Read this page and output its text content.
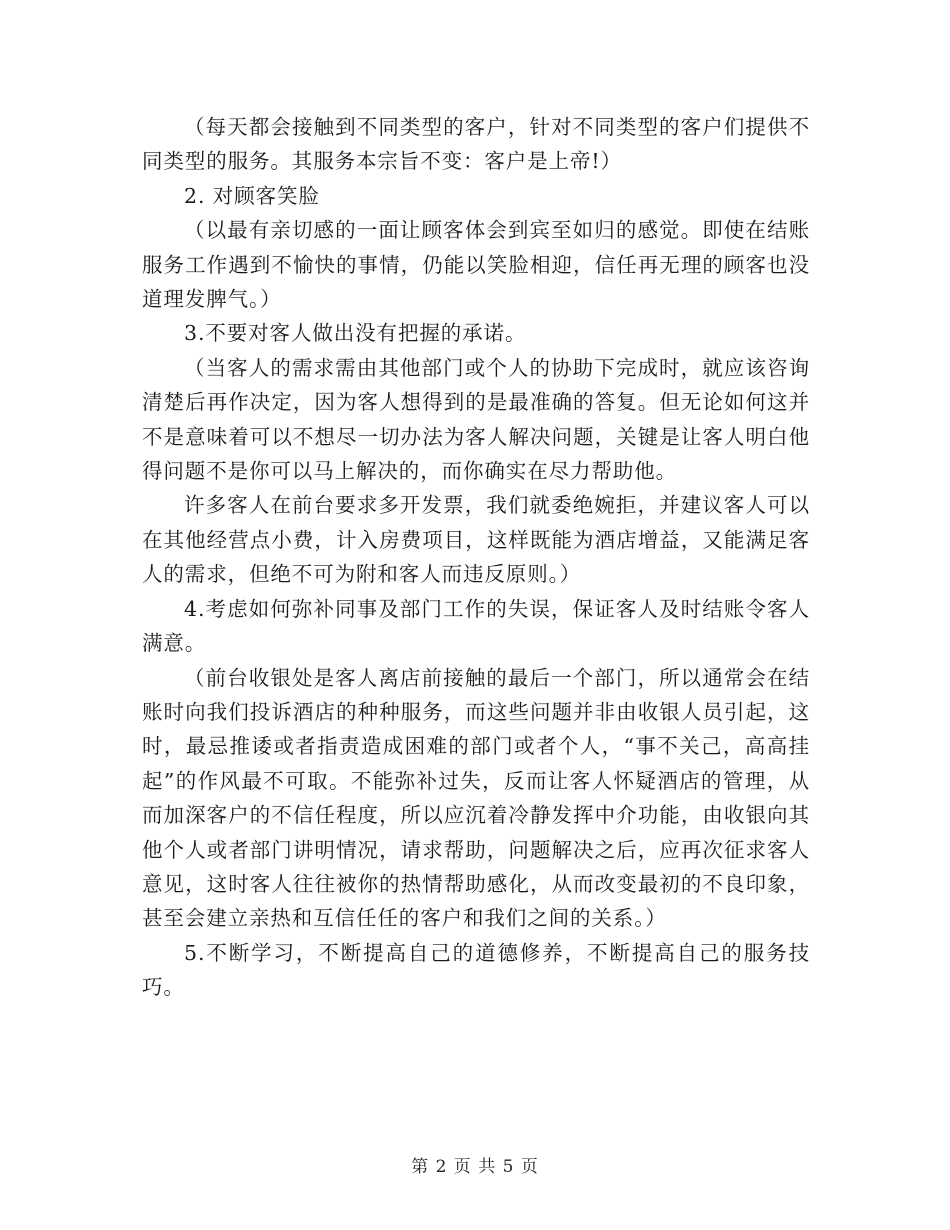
（每天都会接触到不同类型的客户，针对不同类型的客户们提供不同类型的服务。其服务本宗旨不变：客户是上帝!）

2. 对顾客笑脸

（以最有亲切感的一面让顾客体会到宾至如归的感觉。即使在结账服务工作遇到不愉快的事情，仍能以笑脸相迎，信任再无理的顾客也没道理发脾气。）

3.不要对客人做出没有把握的承诺。

（当客人的需求需由其他部门或个人的协助下完成时，就应该咨询清楚后再作决定，因为客人想得到的是最准确的答复。但无论如何这并不是意味着可以不想尽一切办法为客人解决问题，关键是让客人明白他得问题不是你可以马上解决的，而你确实在尽力帮助他。

许多客人在前台要求多开发票，我们就委绝婉拒，并建议客人可以在其他经营点小费，计入房费项目，这样既能为酒店增益，又能满足客人的需求，但绝不可为附和客人而违反原则。）

4.考虑如何弥补同事及部门工作的失误，保证客人及时结账令客人满意。

（前台收银处是客人离店前接触的最后一个部门，所以通常会在结账时向我们投诉酒店的种种服务，而这些问题并非由收银人员引起，这时，最忌推诿或者指责造成困难的部门或者个人，“事不关己，高高挂起”的作风最不可取。不能弥补过失，反而让客人怀疑酒店的管理，从而加深客户的不信任程度，所以应沉着冷静发挥中介功能，由收银向其他个人或者部门讲明情况，请求帮助，问题解决之后，应再次征求客人意见，这时客人往往被你的热情帮助感化，从而改变最初的不良印象，甚至会建立亲热和互信任任的客户和我们之间的关系。）

5.不断学习，不断提高自己的道德修养，不断提高自己的服务技巧。

第 2 页 共 5 页
